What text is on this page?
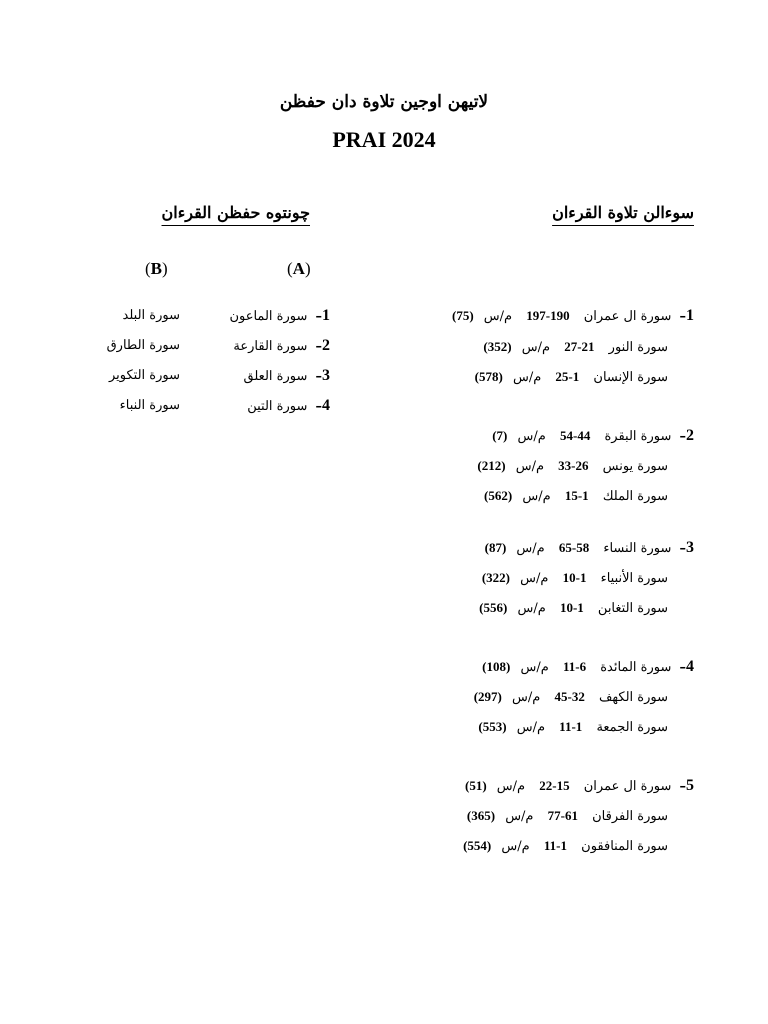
لاتيهن اوجين تلاوة دان حفظن
PRAI 2024
سوءالن تلاوة القرءان
چونتوه حفظن القرءان
(A)
(B)
1– سورة ال عمران 190-197 م/س (75)
سورة النور 21-27 م/س (352)
سورة الإنسان 1-25 م/س (578)
2– سورة البقرة 44-54 م/س (7)
سورة يونس 26-33 م/س (212)
سورة الملك 1-15 م/س (562)
3– سورة النساء 58-65 م/س (87)
سورة الأنبياء 1-10 م/س (322)
سورة التغابن 1-10 م/س (556)
4– سورة المائدة 6-11 م/س (108)
سورة الكهف 32-45 م/س (297)
سورة الجمعة 1-11 م/س (553)
5– سورة ال عمران 15-22 م/س (51)
سورة الفرقان 61-77 م/س (365)
سورة المنافقون 1-11 م/س (554)
1– سورة الماعون
سورة البلد
2– سورة القارعة
سورة الطارق
3– سورة العلق
سورة التكوير
4– سورة التين
سورة النباء
